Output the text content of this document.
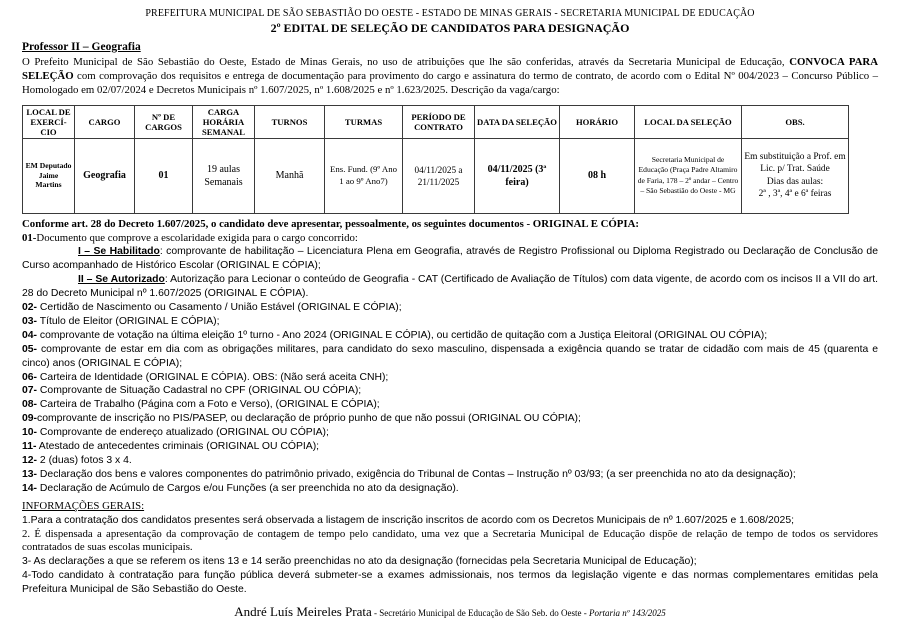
PREFEITURA MUNICIPAL DE SÃO SEBASTIÃO DO OESTE - ESTADO DE MINAS GERAIS - SECRETARIA MUNICIPAL DE EDUCAÇÃO
2º EDITAL DE SELEÇÃO DE CANDIDATOS PARA DESIGNAÇÃO
Professor II – Geografia

O Prefeito Municipal de São Sebastião do Oeste, Estado de Minas Gerais, no uso de atribuições que lhe são conferidas, através da Secretaria Municipal de Educação, CONVOCA PARA SELEÇÃO com comprovação dos requisitos e entrega de documentação para provimento do cargo e assinatura do termo de contrato, de acordo com o Edital Nº 004/2023 – Concurso Público – Homologado em 02/07/2024 e Decretos Municipais nº 1.607/2025, nº 1.608/2025 e nº 1.623/2025. Descrição da vaga/cargo:

LOCAL DE EXERCÍ-CIO	CARGO	Nº DE CARGOS	CARGA HORÁRIA SEMANAL	TURNOS	TURMAS	PERÍODO DE CONTRATO	DATA DA SELEÇÃO	HORÁRIO	LOCAL DA SELEÇÃO	OBS.
EM Deputado Jaime Martins	Geografia	01	19 aulas Semanais	Manhã	Ens. Fund. (9º Ano 1 ao 9º Ano7)	04/11/2025 a 21/11/2025	04/11/2025 (3ª feira)	08 h	Secretaria Municipal de Educação (Praça Padre Altamiro de Faria, 178 – 2º andar – Centro – São Sebastião do Oeste - MG	Em substituição a Prof. em Lic. p/ Trat. Saúde
Dias das aulas:
2ª , 3ª, 4ª e 6ª feiras

Conforme art. 28 do Decreto 1.607/2025, o candidato deve apresentar, pessoalmente, os seguintes documentos - ORIGINAL E CÓPIA:

01-Documento que comprove a escolaridade exigida para o cargo concorrido:

I – Se Habilitado: comprovante de habilitação – Licenciatura Plena em Geografia, através de Registro Profissional ou Diploma Registrado ou Declaração de Conclusão de Curso acompanhado de Histórico Escolar (ORIGINAL E CÓPIA);

II – Se Autorizado: Autorização para Lecionar o conteúdo de Geografia - CAT (Certificado de Avaliação de Títulos) com data vigente, de acordo com os incisos II a VII do art. 28 do Decreto Municipal nº 1.607/2025 (ORIGINAL E CÓPIA).

02- Certidão de Nascimento ou Casamento / União Estável (ORIGINAL E CÓPIA);

03- Título de Eleitor (ORIGINAL E CÓPIA);

04- comprovante de votação na última eleição 1º turno - Ano 2024 (ORIGINAL E CÓPIA), ou certidão de quitação com a Justiça Eleitoral (ORIGINAL OU CÓPIA);

05- comprovante de estar em dia com as obrigações militares, para candidato do sexo masculino, dispensada a exigência quando se tratar de cidadão com mais de 45 (quarenta e cinco) anos (ORIGINAL E CÓPIA);

06- Carteira de Identidade (ORIGINAL E CÓPIA). OBS: (Não será aceita CNH);

07- Comprovante de Situação Cadastral no CPF (ORIGINAL OU CÓPIA);

08- Carteira de Trabalho (Página com a Foto e Verso), (ORIGINAL E CÓPIA);

09-comprovante de inscrição no PIS/PASEP, ou declaração de próprio punho de que não possui (ORIGINAL OU CÓPIA);

10- Comprovante de endereço atualizado (ORIGINAL OU CÓPIA);

11- Atestado de antecedentes criminais (ORIGINAL OU CÓPIA);

12- 2 (duas) fotos 3 x 4.

13- Declaração dos bens e valores componentes do patrimônio privado, exigência do Tribunal de Contas – Instrução nº 03/93; (a ser preenchida no ato da designação);

14- Declaração de Acúmulo de Cargos e/ou Funções (a ser preenchida no ato da designação).

INFORMAÇÕES GERAIS:

1.Para a contratação dos candidatos presentes será observada a listagem de inscrição inscritos de acordo com os Decretos Municipais de nº 1.607/2025 e 1.608/2025;

2. É dispensada a apresentação da comprovação de contagem de tempo pelo candidato, uma vez que a Secretaria Municipal de Educação dispõe de relação de tempo de todos os servidores contratados de suas escolas municipais.

3- As declarações a que se referem os itens 13 e 14 serão preenchidas no ato da designação (fornecidas pela Secretaria Municipal de Educação);

4-Todo candidato à contratação para função pública deverá submeter-se a exames admissionais, nos termos da legislação vigente e das normas complementares emitidas pela Prefeitura Municipal de São Sebastião do Oeste.

André Luís Meireles Prata - Secretário Municipal de Educação de São Seb. do Oeste - Portaria nº 143/2025
